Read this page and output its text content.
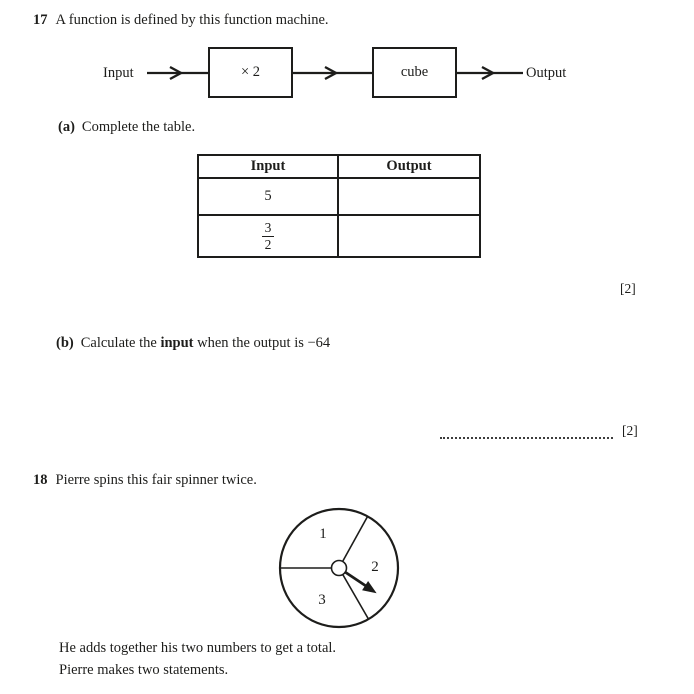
17 A function is defined by this function machine.
Input	× 2	cube	Output
(a) Complete the table.
Input	Output
5
$\frac{3}{2}$
[2]
(b) Calculate the input when the output is −64
[2]
18 Pierre spins this fair spinner twice.
1
2
3
He adds together his two numbers to get a total.
Pierre makes two statements.
